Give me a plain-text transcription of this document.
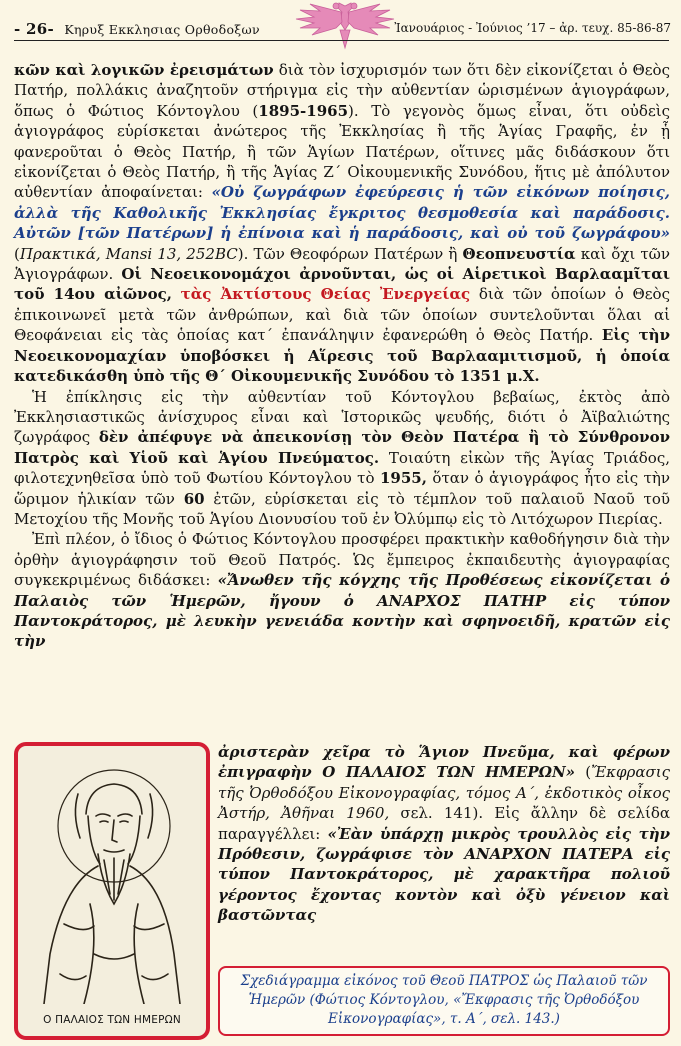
- 26- Κηρυξ Εκκλησιας Ορθοδοξων	Ἰανουάριος - Ἰούνιος ’17 – ἀρ. τευχ. 85-86-87

κῶν καὶ λογικῶν ἐρεισμάτων διὰ τὸν ἰσχυρισμόν των ὅτι δὲν εἰκονίζεται ὁ Θεὸς Πατήρ, πολλάκις ἀναζητοῦν στήριγμα εἰς τὴν αὐθεντίαν ὡρισμένων ἁγιογράφων, ὅπως ὁ Φώτιος Κόντογλου (1895-1965). Τὸ γεγονὸς ὅμως εἶναι, ὅτι οὐδεὶς ἁγιογράφος εὑρίσκεται ἀνώτερος τῆς Ἐκκλησίας ἢ τῆς Ἁγίας Γραφῆς, ἐν ᾗ φανεροῦται ὁ Θεὸς Πατήρ, ἢ τῶν Ἁγίων Πατέρων, οἵτινες μᾶς διδάσκουν ὅτι εἰκονίζεται ὁ Θεὸς Πατήρ, ἢ τῆς Ἁγίας Ζ΄ Οἰκουμενικῆς Συνόδου, ἥτις μὲ ἀπόλυτον αὐθεντίαν ἀποφαίνεται: «Οὐ ζωγράφων ἐφεύρεσις ἡ τῶν εἰκόνων ποίησις, ἀλλὰ τῆς Καθολικῆς Ἐκκλησίας ἔγκριτος θεσμοθεσία καὶ παράδοσις. Αὐτῶν [τῶν Πατέρων] ἡ ἐπίνοια καὶ ἡ παράδοσις, καὶ οὐ τοῦ ζωγράφου» (Πρακτικά, Mansi 13, 252BC). Τῶν Θεοφόρων Πατέρων ἢ Θεοπνευστία καὶ ὄχι τῶν Ἁγιογράφων. Οἱ Νεοεικονομάχοι ἀρνοῦνται, ὡς οἱ Αἱρετικοὶ Βαρλααμῖται τοῦ 14ου αἰῶνος, τὰς Ἀκτίστους Θείας Ἐνεργείας διὰ τῶν ὁποίων ὁ Θεὸς ἐπικοινωνεῖ μετὰ τῶν ἀνθρώπων, καὶ διὰ τῶν ὁποίων συντελοῦνται ὅλαι αἱ Θεοφάνειαι εἰς τὰς ὁποίας κατ΄ ἐπανάληψιν ἐφανερώθη ὁ Θεὸς Πατήρ. Εἰς τὴν Νεοεικονομαχίαν ὑποβόσκει ἡ Αἵρεσις τοῦ Βαρλααμιτισμοῦ, ἡ ὁποία κατεδικάσθη ὑπὸ τῆς Θ΄ Οἰκουμενικῆς Συνόδου τὸ 1351 μ.Χ.

Ἡ ἐπίκλησις εἰς τὴν αὐθεντίαν τοῦ Κόντογλου βεβαίως, ἐκτὸς ἀπὸ Ἐκκλησιαστικῶς ἀνίσχυρος εἶναι καὶ Ἱστορικῶς ψευδής, διότι ὁ Ἀϊβαλιώτης ζωγράφος δὲν ἀπέφυγε νὰ ἀπεικονίσῃ τὸν Θεὸν Πατέρα ἢ τὸ Σύνθρονον Πατρὸς καὶ Υἱοῦ καὶ Ἁγίου Πνεύματος. Τοιαύτη εἰκὼν τῆς Ἁγίας Τριάδος, φιλοτεχνηθεῖσα ὑπὸ τοῦ Φωτίου Κόντογλου τὸ 1955, ὅταν ὁ ἁγιογράφος ἦτο εἰς τὴν ὥριμον ἡλικίαν τῶν 60 ἐτῶν, εὑρίσκεται εἰς τὸ τέμπλον τοῦ παλαιοῦ Ναοῦ τοῦ Μετοχίου τῆς Μονῆς τοῦ Ἁγίου Διονυσίου τοῦ ἐν Ὀλύμπῳ εἰς τὸ Λιτόχωρον Πιερίας.

Ἐπὶ πλέον, ὁ ἴδιος ὁ Φώτιος Κόντογλου προσφέρει πρακτικὴν καθοδήγησιν διὰ τὴν ὀρθὴν ἁγιογράφησιν τοῦ Θεοῦ Πατρός. Ὡς ἔμπειρος ἐκπαιδευτὴς ἁγιογραφίας συγκεκριμένως διδάσκει: «Ἄνωθεν τῆς κόγχης τῆς Προθέσεως εἰκονίζεται ὁ Παλαιὸς τῶν Ἡμερῶν, ἤγουν ὁ ΑΝΑΡΧΟΣ ΠΑΤΗΡ εἰς τύπον Παντοκράτορος, μὲ λευκὴν γενειάδα κοντὴν καὶ σφηνοειδῆ, κρατῶν εἰς τὴν

Ο ΠΑΛΑΙΟΣ ΤΩΝ ΗΜΕΡΩΝ

ἀριστερὰν χεῖρα τὸ Ἅγιον Πνεῦμα, καὶ φέρων ἐπιγραφὴν Ο ΠΑΛΑΙΟΣ ΤΩΝ ΗΜΕΡΩΝ» (Ἔκφρασις τῆς Ὀρθοδόξου Εἰκονογραφίας, τόμος Α΄, ἐκδοτικὸς οἶκος Ἀστήρ, Ἀθῆναι 1960, σελ. 141). Εἰς ἄλλην δὲ σελίδα παραγγέλλει: «Ἐὰν ὑπάρχῃ μικρὸς τρουλλὸς εἰς τὴν Πρόθεσιν, ζωγράφισε τὸν ΑΝΑΡΧΟΝ ΠΑΤΕΡΑ εἰς τύπον Παντοκράτορος, μὲ χαρακτῆρα πολιοῦ γέροντος ἔχοντας κοντὸν καὶ ὀξὺ γένειον καὶ βαστῶντας

Σχεδιάγραμμα εἰκόνος τοῦ Θεοῦ ΠΑΤΡΟΣ ὡς Παλαιοῦ τῶν Ἡμερῶν (Φώτιος Κόντογλου, «Ἔκφρασις τῆς Ὀρθοδόξου Εἰκονογραφίας», τ. Α΄, σελ. 143.)
